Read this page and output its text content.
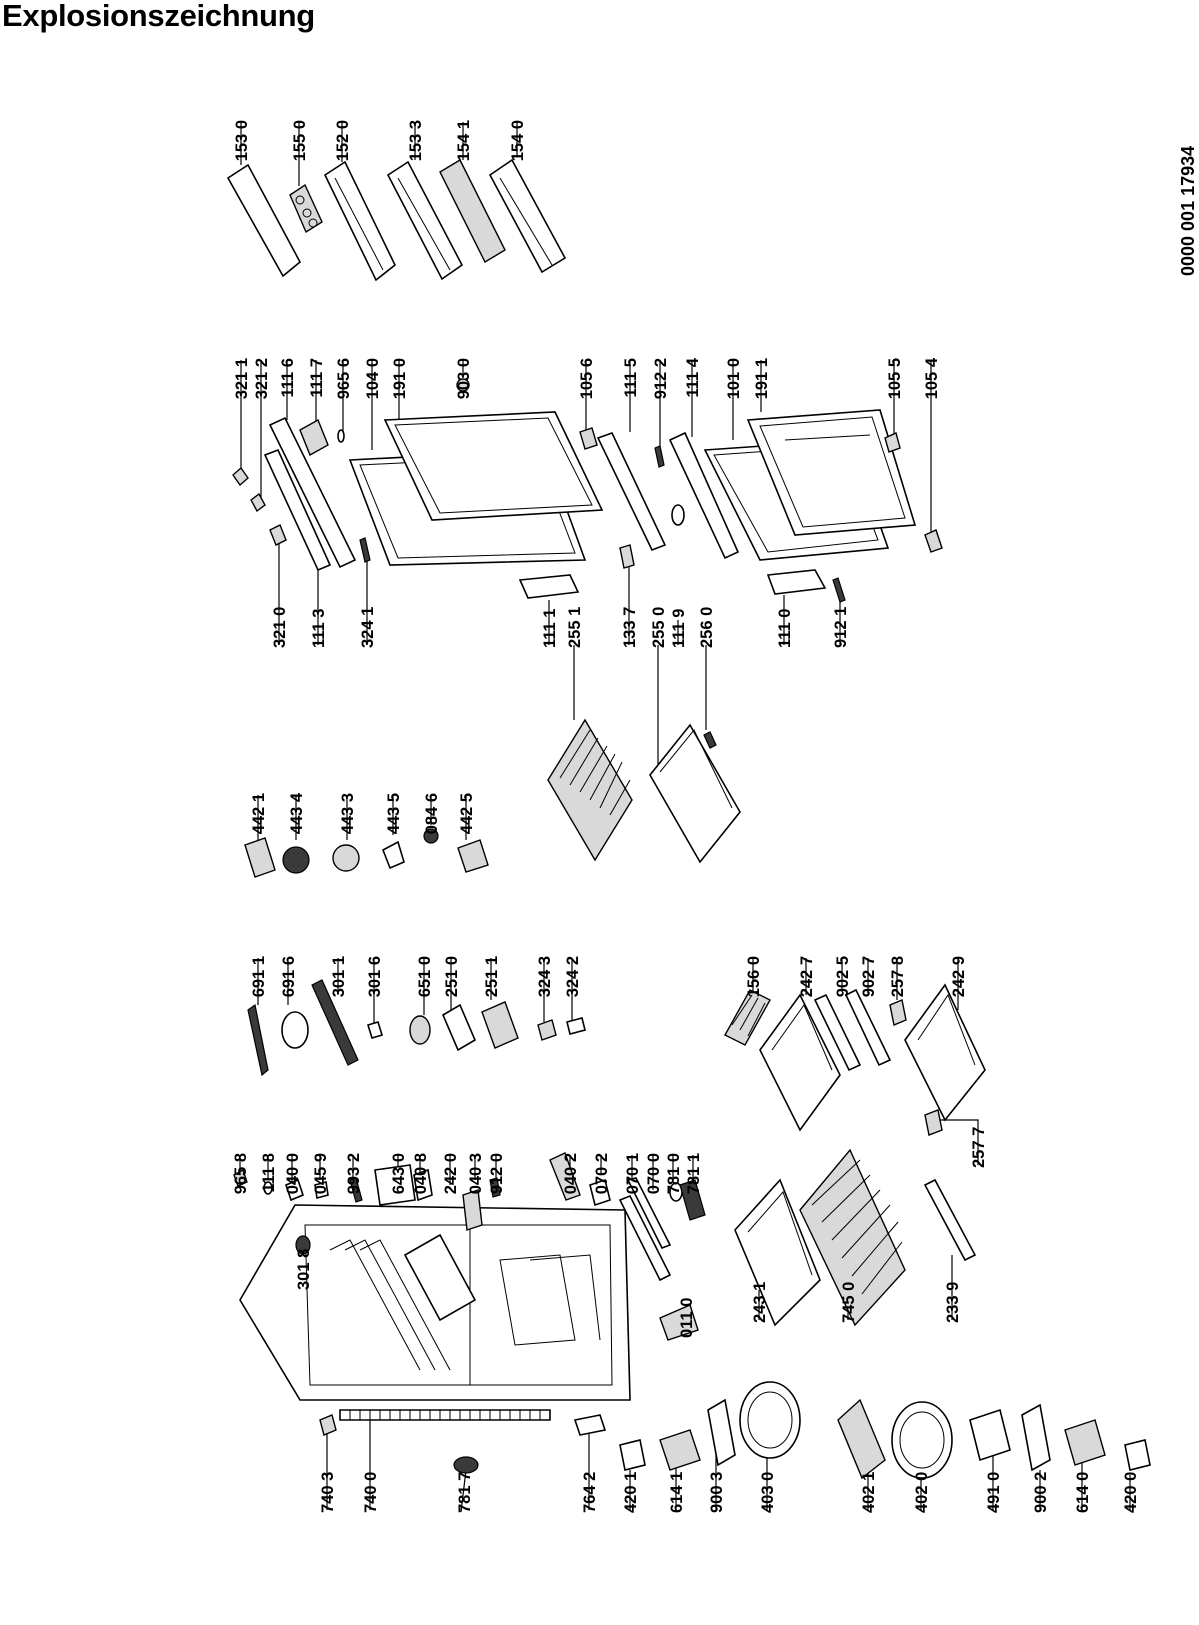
Explosionszeichnung
0000 001 17934
153 0 155 0 152 0	153 3 154 1 154 0
321 1 321 2 111 6 111 7 965 6 104 0 191 0	903 0	105 6 111 5 912 2 111 4 101 0 191 1	105 5 105 4
321 0 111 3 324 1	111 1 255 1 133 7 255 0 111 9 256 0	111 0 912 1
442 1 443 4 443 3 443 5 084 6 442 5
691 1 691 6 301 1 301 6 651 0 251 0 251 1 324 3 324 2	156 0 242 7 902 5 902 7 257 8	242 9
965 8 111 8 040 0 045 9 993 2 643 0 040 8 242 0 040 3 912 0	040 2 070 2 070 1 070 0 781 0 781 1
301 8
011 0	243 1	745 0	233 9
257 7
740 3 740 0	781 7	764 2 420 1 614 1 900 3 403 0	402 1 402 0	491 0 900 2 614 0 420 0
